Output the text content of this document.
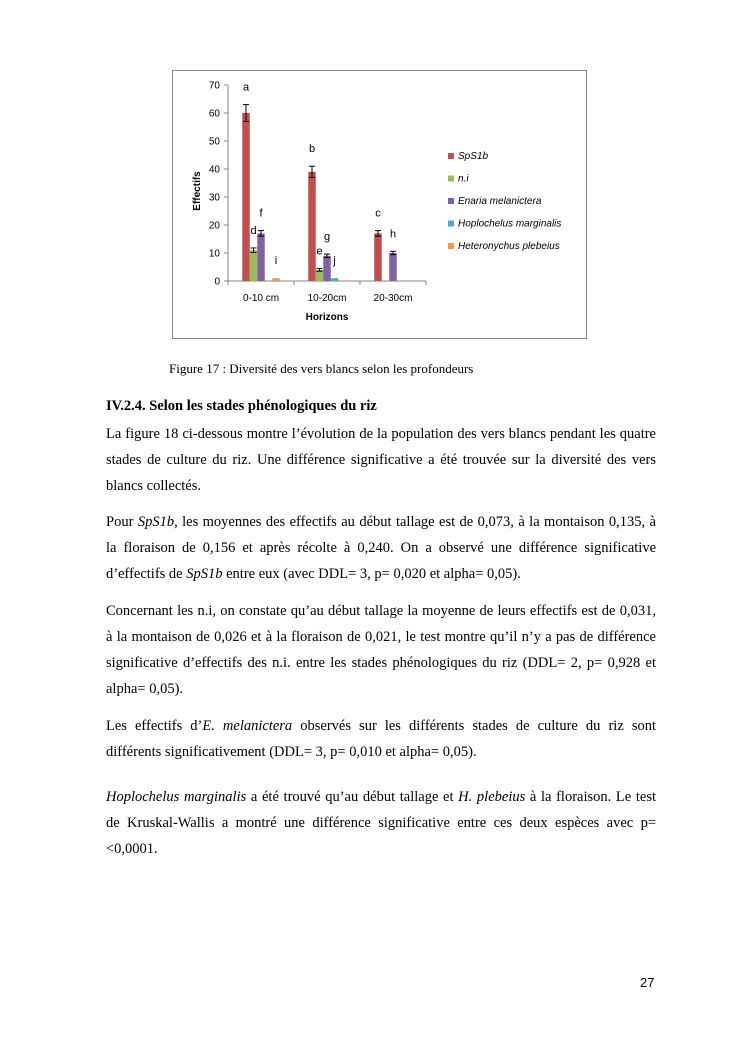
0
10
20
30
40
50
60
70
0-10 cm	10-20cm	20-30cm
Horizons
Effectifs
a
b
c
d
e
f
g	h
j
i
SpS1b
n.i
Enaria melanictera
Hoplochelus marginalis
Heteronychus plebeius
Figure 17 : Diversité des vers blancs selon les profondeurs
IV.2.4. Selon les stades phénologiques du riz
La figure 18 ci-dessous montre l’évolution de la population des vers blancs pendant les quatre stades de culture du riz. Une différence significative a été trouvée sur la diversité des vers blancs collectés.
Pour SpS1b, les moyennes des effectifs au début tallage est de 0,073, à la montaison 0,135, à la floraison de 0,156 et après récolte à 0,240. On a observé une différence significative d’effectifs de SpS1b entre eux (avec DDL= 3, p= 0,020 et alpha= 0,05).
Concernant les n.i, on constate qu’au début tallage la moyenne de leurs effectifs est de 0,031, à la montaison de 0,026 et à la floraison de 0,021, le test montre qu’il n’y a pas de différence significative d’effectifs des n.i. entre les stades phénologiques du riz (DDL= 2, p= 0,928 et alpha= 0,05).
Les effectifs d’E. melanictera observés sur les différents stades de culture du riz sont différents significativement (DDL= 3, p= 0,010 et alpha= 0,05).
Hoplochelus marginalis a été trouvé qu’au début tallage et H. plebeius à la floraison. Le test de Kruskal-Wallis a montré une différence significative entre ces deux espèces avec p= <0,0001.
27
